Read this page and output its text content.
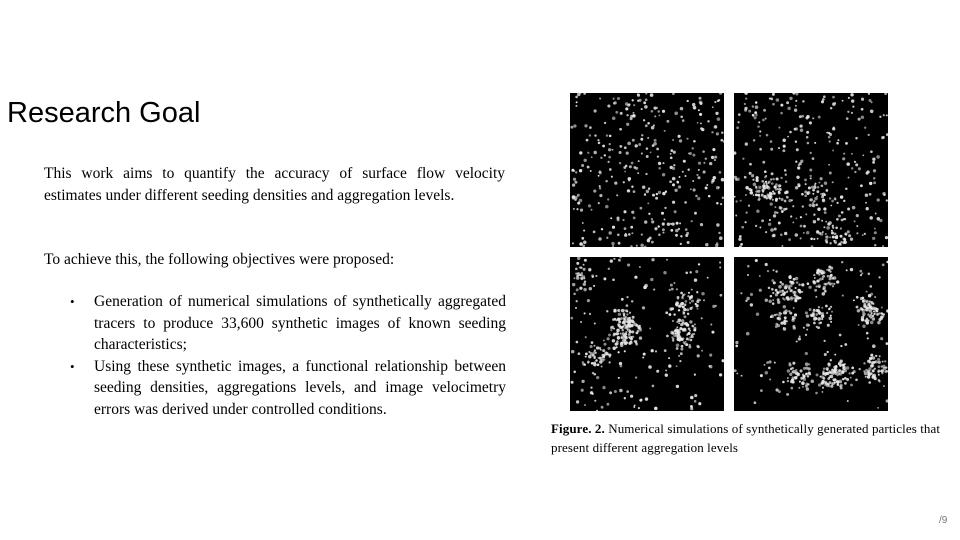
Research Goal

This work aims to quantify the accuracy of surface flow velocity estimates under different seeding densities and aggregation levels.

To achieve this, the following objectives were proposed:

• Generation of numerical simulations of synthetically aggregated tracers to produce 33,600 synthetic images of known seeding characteristics;
• Using these synthetic images, a functional relationship between seeding densities, aggregations levels, and image velocimetry errors was derived under controlled conditions.

Figure. 2. Numerical simulations of synthetically generated particles that present different aggregation levels

/9
